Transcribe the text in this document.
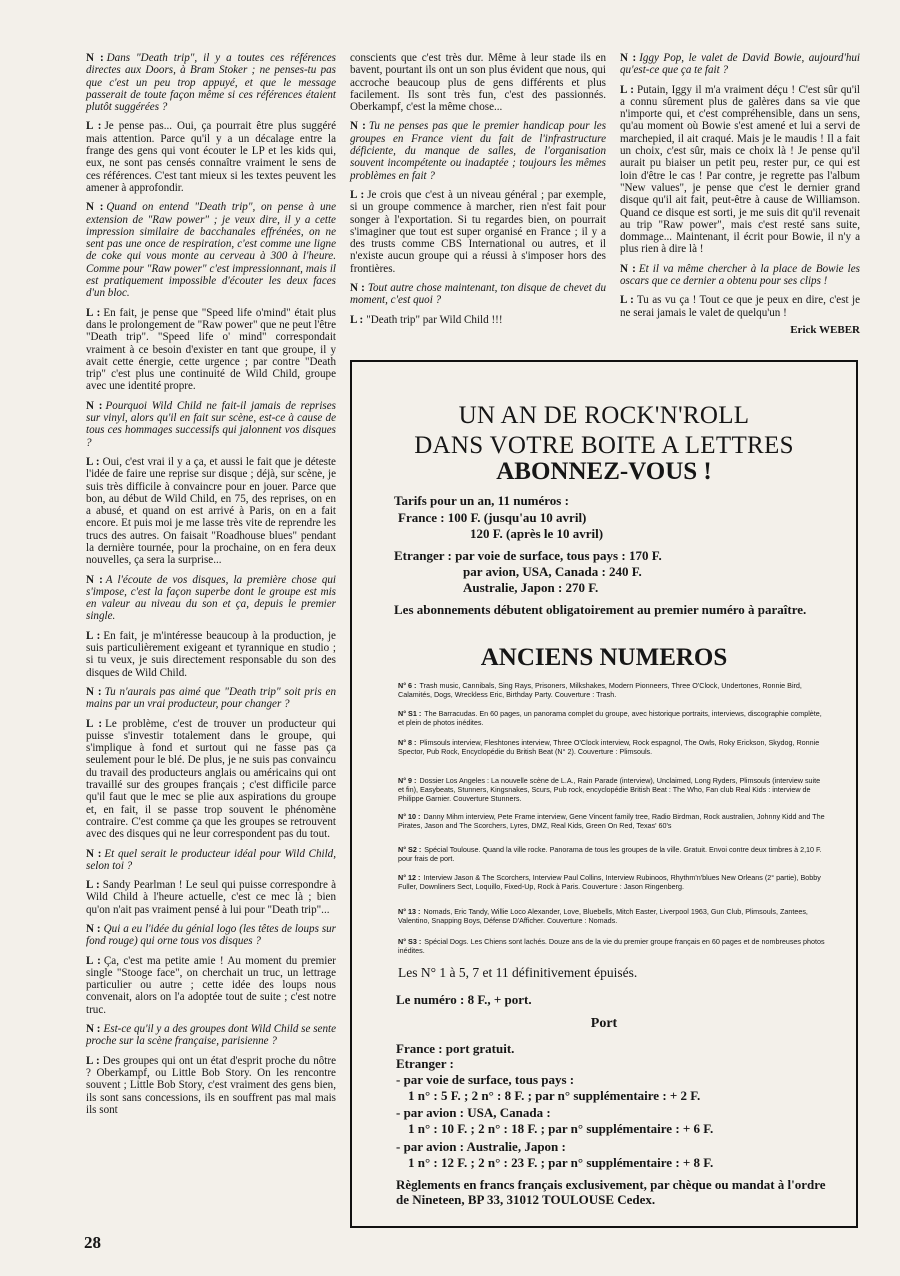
N : Dans "Death trip", il y a toutes ces références directes aux Doors, à Bram Stoker ; ne penses-tu pas que c'est un peu trop appuyé, et que le message passerait de toute façon même si ces références étaient plutôt suggérées ?

L : Je pense pas... Oui, ça pourrait être plus suggéré mais attention. Parce qu'il y a un décalage entre la frange des gens qui vont écouter le LP et les kids qui, eux, ne sont pas censés connaître vraiment le sens de ces références. C'est tant mieux si les textes peuvent les amener à approfondir.

N : Quand on entend "Death trip", on pense à une extension de "Raw power" ; je veux dire, il y a cette impression similaire de bacchanales effrénées, on ne sent pas une once de respiration, c'est comme une ligne de coke qui vous monte au cerveau à 300 à l'heure. Comme pour "Raw power" c'est impressionnant, mais il est pratiquement impossible d'écouter les deux faces d'un bloc.

L : En fait, je pense que "Speed life o'mind" était plus dans le prolongement de "Raw power" que ne peut l'être "Death trip". "Speed life o' mind" correspondait vraiment à ce besoin d'exister en tant que groupe, il y avait cette énergie, cette urgence ; par contre "Death trip" c'est plus une continuité de Wild Child, groupe avec une identité propre.

N : Pourquoi Wild Child ne fait-il jamais de reprises sur vinyl, alors qu'il en fait sur scène, est-ce à cause de tous ces hommages successifs qui jalonnent vos disques ?

L : Oui, c'est vrai il y a ça, et aussi le fait que je déteste l'idée de faire une reprise sur disque ; déjà, sur scène, je suis très difficile à convaincre pour en jouer. Parce que bon, au début de Wild Child, en 75, des reprises, on en a abusé, et quand on est arrivé à Paris, on en a fait encore. Et puis moi je me lasse très vite de reprendre les trucs des autres. On faisait "Roadhouse blues" pendant la dernière tournée, pour la prochaine, on en fera deux nouvelles, ça sera la surprise...

N : A l'écoute de vos disques, la première chose qui s'impose, c'est la façon superbe dont le groupe est mis en valeur au niveau du son et ça, depuis le premier single.

L : En fait, je m'intéresse beaucoup à la production, je suis particulièrement exigeant et tyrannique en studio ; si tu veux, je suis directement responsable du son des disques de Wild Child.

N : Tu n'aurais pas aimé que "Death trip" soit pris en mains par un vrai producteur, pour changer ?

L : Le problème, c'est de trouver un producteur qui puisse s'investir totalement dans le groupe, qui s'implique à fond et surtout qui ne fasse pas ça seulement pour le blé. De plus, je ne suis pas convaincu du travail des producteurs anglais ou américains qui ont travaillé sur des groupes français ; c'est difficile parce qu'il faut que le mec se plie aux aspirations du groupe et, en fait, il se passe trop souvent le phénomène contraire. C'est comme ça que les groupes se retrouvent avec des disques qui ne leur correspondent pas du tout.

N : Et quel serait le producteur idéal pour Wild Child, selon toi ?

L : Sandy Pearlman ! Le seul qui puisse correspondre à Wild Child à l'heure actuelle, c'est ce mec là ; bien qu'on n'ait pas vraiment pensé à lui pour "Death trip"...

N : Qui a eu l'idée du génial logo (les têtes de loups sur fond rouge) qui orne tous vos disques ?

L : Ça, c'est ma petite amie ! Au moment du premier single "Stooge face", on cherchait un truc, un lettrage particulier ou autre ; cette idée des loups nous convenait, alors on l'a adoptée tout de suite ; c'est notre truc.

N : Est-ce qu'il y a des groupes dont Wild Child se sente proche sur la scène française, parisienne ?

L : Des groupes qui ont un état d'esprit proche du nôtre ? Oberkampf, ou Little Bob Story. On les rencontre souvent ; Little Bob Story, c'est vraiment des gens bien, ils sont sans concessions, ils en souffrent pas mal mais ils sont

conscients que c'est très dur. Même à leur stade ils en bavent, pourtant ils ont un son plus évident que nous, qui accroche beaucoup plus de gens différents et plus facilement. Ils sont très fun, c'est des passionnés. Oberkampf, c'est la même chose...

N : Tu ne penses pas que le premier handicap pour les groupes en France vient du fait de l'infrastructure déficiente, du manque de salles, de l'organisation souvent incompétente ou inadaptée ; toujours les mêmes problèmes en fait ?

L : Je crois que c'est à un niveau général ; par exemple, si un groupe commence à marcher, rien n'est fait pour songer à l'exportation. Si tu regardes bien, on pourrait s'imaginer que tout est super organisé en France ; il y a des trusts comme CBS International ou autres, et il n'existe aucun groupe qui a réussi à s'imposer hors des frontières.

N : Tout autre chose maintenant, ton disque de chevet du moment, c'est quoi ?

L : "Death trip" par Wild Child !!!

N : Iggy Pop, le valet de David Bowie, aujourd'hui qu'est-ce que ça te fait ?

L : Putain, Iggy il m'a vraiment déçu ! C'est sûr qu'il a connu sûrement plus de galères dans sa vie que n'importe qui, et c'est compréhensible, dans un sens, qu'au moment où Bowie s'est amené et lui a servi de marchepied, il ait craqué. Mais je le maudis ! Il a fait un choix, c'est sûr, mais ce choix là ! Je pense qu'il aurait pu biaiser un petit peu, rester pur, ce qui est loin d'être le cas ! Par contre, je regrette pas l'album "New values", je pense que c'est le dernier grand disque qu'il ait fait, peut-être à cause de Williamson. Quand ce disque est sorti, je me suis dit qu'il revenait au trip "Raw power", mais c'est resté sans suite, dommage... Maintenant, il écrit pour Bowie, il n'y a plus rien à dire là !

N : Et il va même chercher à la place de Bowie les oscars que ce dernier a obtenu pour ses clips !

L : Tu as vu ça ! Tout ce que je peux en dire, c'est je ne serai jamais le valet de quelqu'un !

Erick WEBER
UN AN DE ROCK'N'ROLL
DANS VOTRE BOITE A LETTRES
ABONNEZ-VOUS !
Tarifs pour un an, 11 numéros :
France : 100 F. (jusqu'au 10 avril)
120 F. (après le 10 avril)
Etranger : par voie de surface, tous pays : 170 F.
par avion, USA, Canada : 240 F.
Australie, Japon : 270 F.
Les abonnements débutent obligatoirement au premier numéro à paraître.
ANCIENS NUMEROS
N° 6 : Trash music, Cannibals, Sing Rays, Prisoners, Milkshakes, Modern Pionneers, Three O'Clock, Undertones, Ronnie Bird, Calamités, Dogs, Wreckless Eric, Birthday Party. Couverture : Trash.
N° S1 : The Barracudas. En 60 pages, un panorama complet du groupe, avec historique portraits, interviews, discographie complète, et plein de photos inédites.
N° 8 : Plimsouls interview, Fleshtones interview, Three O'Clock interview, Rock espagnol, The Owls, Roky Erickson, Skydog, Ronnie Spector, Pub Rock, Encyclopédie du British Beat (N° 2). Couverture : Plimsouls.
N° 9 : Dossier Los Angeles : La nouvelle scène de L.A., Rain Parade (interview), Unclaimed, Long Ryders, Plimsouls (interview suite et fin), Easybeats, Stunners, Kingsnakes, Scurs, Pub rock, encyclopédie British Beat : The Who, Fan club Real Kids : interview de Philippe Garnier. Couverture Stunners.
N° 10 : Danny Mihm interview, Pete Frame interview, Gene Vincent family tree, Radio Birdman, Rock australien, Johnny Kidd and The Pirates, Jason and The Scorchers, Lyres, DMZ, Real Kids, Green On Red, Texas' 60's
N° S2 : Spécial Toulouse. Quand la ville rocke. Panorama de tous les groupes de la ville. Gratuit. Envoi contre deux timbres à 2,10 F. pour frais de port.
N° 12 : Interview Jason & The Scorchers, Interview Paul Collins, Interview Rubinoos, Rhythm'n'blues New Orleans (2° partie), Bobby Fuller, Downliners Sect, Loquillo, Fixed-Up, Rock à Paris. Couverture : Jason Ringenberg.
N° 13 : Nomads, Eric Tandy, Willie Loco Alexander, Love, Bluebells, Mitch Easter, Liverpool 1963, Gun Club, Plimsouls, Zantees, Valentino, Snapping Boys, Défense D'Afficher. Couverture : Nomads.
N° S3 : Spécial Dogs. Les Chiens sont lachés. Douze ans de la vie du premier groupe français en 60 pages et de nombreuses photos inédites.
Les N° 1 à 5, 7 et 11 définitivement épuisés.
Le numéro : 8 F., + port.
Port
France : port gratuit.
Etranger :
- par voie de surface, tous pays :
1 n° : 5 F. ; 2 n° : 8 F. ; par n° supplémentaire : + 2 F.
- par avion : USA, Canada :
1 n° : 10 F. ; 2 n° : 18 F. ; par n° supplémentaire : + 6 F.
- par avion : Australie, Japon :
1 n° : 12 F. ; 2 n° : 23 F. ; par n° supplémentaire : + 8 F.
Règlements en francs français exclusivement, par chèque ou mandat à l'ordre de Nineteen, BP 33, 31012 TOULOUSE Cedex.
28
